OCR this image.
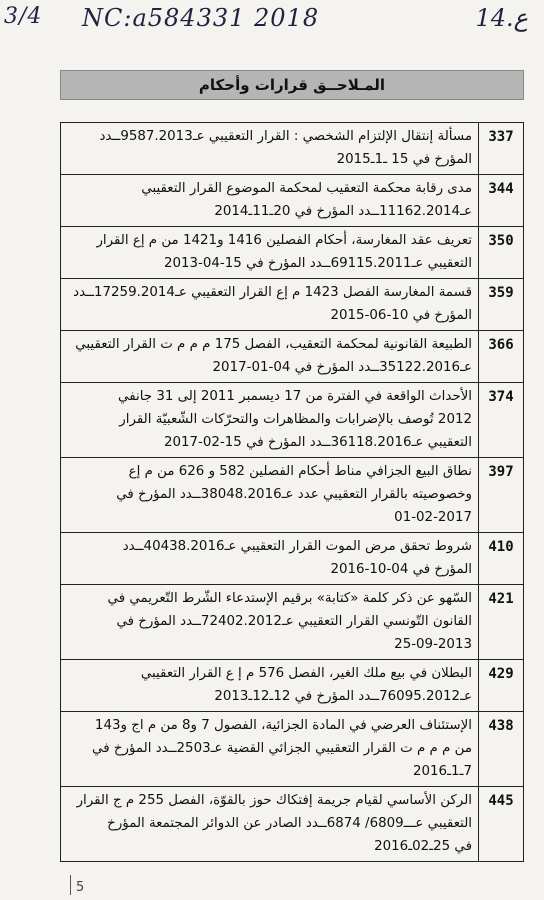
3/4 NC:a584331 2018	14.ع
المـلاحــق قرارات وأحكام
مسألة إنتقال الإلتزام الشخصي : القرار التعقيبي عـ9587.2013ــدد
المؤرخ في 15 ـ1ـ2015	337
مدى رقابة محكمة التعقيب لمحكمة الموضوع القرار التعقيبي
عـ11162.2014ــدد المؤرخ في 20ـ11ـ2014	344
تعريف عقد المغارسة، أحكام الفصلين 1416 و1421 من م إع القرار
التعقيبي عـ69115.2011ــدد المؤرخ في 15-04-2013	350
قسمة المغارسة الفصل 1423 م إع القرار التعقيبي عـ17259.2014ــدد
المؤرخ في 10-06-2015	359
الطبيعة القانونية لمحكمة التعقيب، الفصل 175 م م م ت القرار التعقيبي
عـ35122.2016ــدد المؤرخ في 04-01-2017	366
الأحداث الواقعة في الفترة من 17 ديسمبر 2011 إلى 31 جانفي
2012 تُوصف بالإضرابات والمظاهرات والتحرّكات الشّعبيّة القرار
التعقيبي عـ36118.2016ــدد المؤرخ في 15-02-2017	374
نطاق البيع الجزافي مناط أحكام الفصلين 582 و 626 من م إع
وخصوصيته بالقرار التعقيبي عدد عـ38048.2016ــدد المؤرخ في
01-02-2017	397
شروط تحقق مرض الموت القرار التعقيبي عـ40438.2016ــدد
المؤرخ في 04-10-2016	410
السّهو عن ذكر كلمة «كتابة» برقيم الإستدعاء الشّرط التّعريمي في
القانون التّونسي القرار التعقيبي عـ72402.2012ــدد المؤرخ في
25-09-2013	421
البطلان في بيع ملك الغير، الفصل 576 م إ ع القرار التعقيبي
عـ76095.2012ــدد المؤرخ في 12ـ12ـ2013	429
الإستئناف العرضي في المادة الجزائية، الفصول 7 و8 من م اج و143
من م م م ت القرار التعقيبي الجزائي القضية عـ2503ــدد المؤرخ في
7ـ1ـ2016	438
الركن الأساسي لقيام جريمة إفتكاك حوز بالقوّة، الفصل 255 م ج القرار
التعقيبي عـــ6809/ 6874ــدد الصادر عن الدوائر المجتمعة المؤرخ
في 25ـ02ـ2016	445
5
